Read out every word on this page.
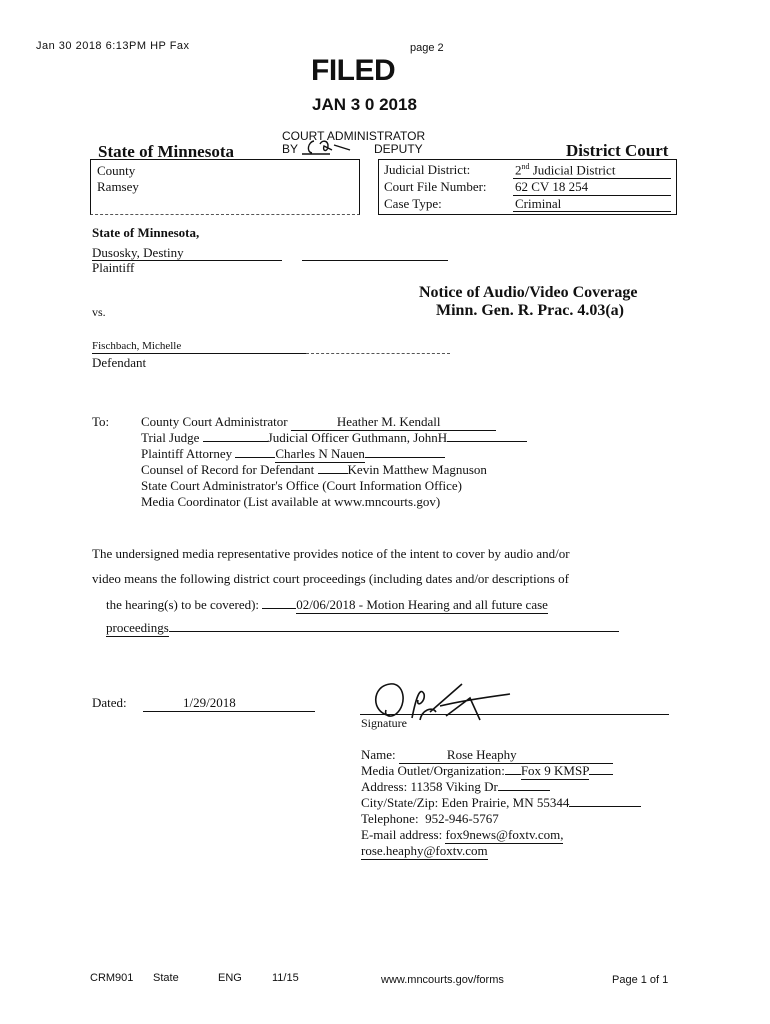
Jan 30 2018 6:13PM HP Fax	page 2
FILED
JAN 3 0 2018
COURT ADMINISTRATOR
BY	DEPUTY
State of Minnesota	District Court
County
Ramsey
Judicial District:	2nd Judicial District
Court File Number: 62 CV 18 254
Case Type:	Criminal
State of Minnesota,
Dusosky, Destiny
Plaintiff
vs.
Notice of Audio/Video Coverage
Minn. Gen. R. Prac. 4.03(a)
Fischbach, Michelle
Defendant
To: County Court Administrator	Heather M. Kendall
Trial Judge	Judicial Officer Guthmann, JohnH
Plaintiff Attorney	Charles N Nauen
Counsel of Record for Defendant	Kevin Matthew Magnuson
State Court Administrator's Office (Court Information Office)
Media Coordinator (List available at www.mncourts.gov)
The undersigned media representative provides notice of the intent to cover by audio and/or
video means the following district court proceedings (including dates and/or descriptions of
the hearing(s) to be covered):	02/06/2018 - Motion Hearing and all future case
proceedings
Dated:	1/29/2018
Signature
Name:	Rose Heaphy
Media Outlet/Organization: Fox 9 KMSP
Address: 11358 Viking Dr
City/State/Zip: Eden Prairie, MN 55344
Telephone: 952-946-5767
E-mail address: fox9news@foxtv.com,
rose.heaphy@foxtv.com
CRM901 State	ENG	11/15	www.mncourts.gov/forms	Page 1 of 1
